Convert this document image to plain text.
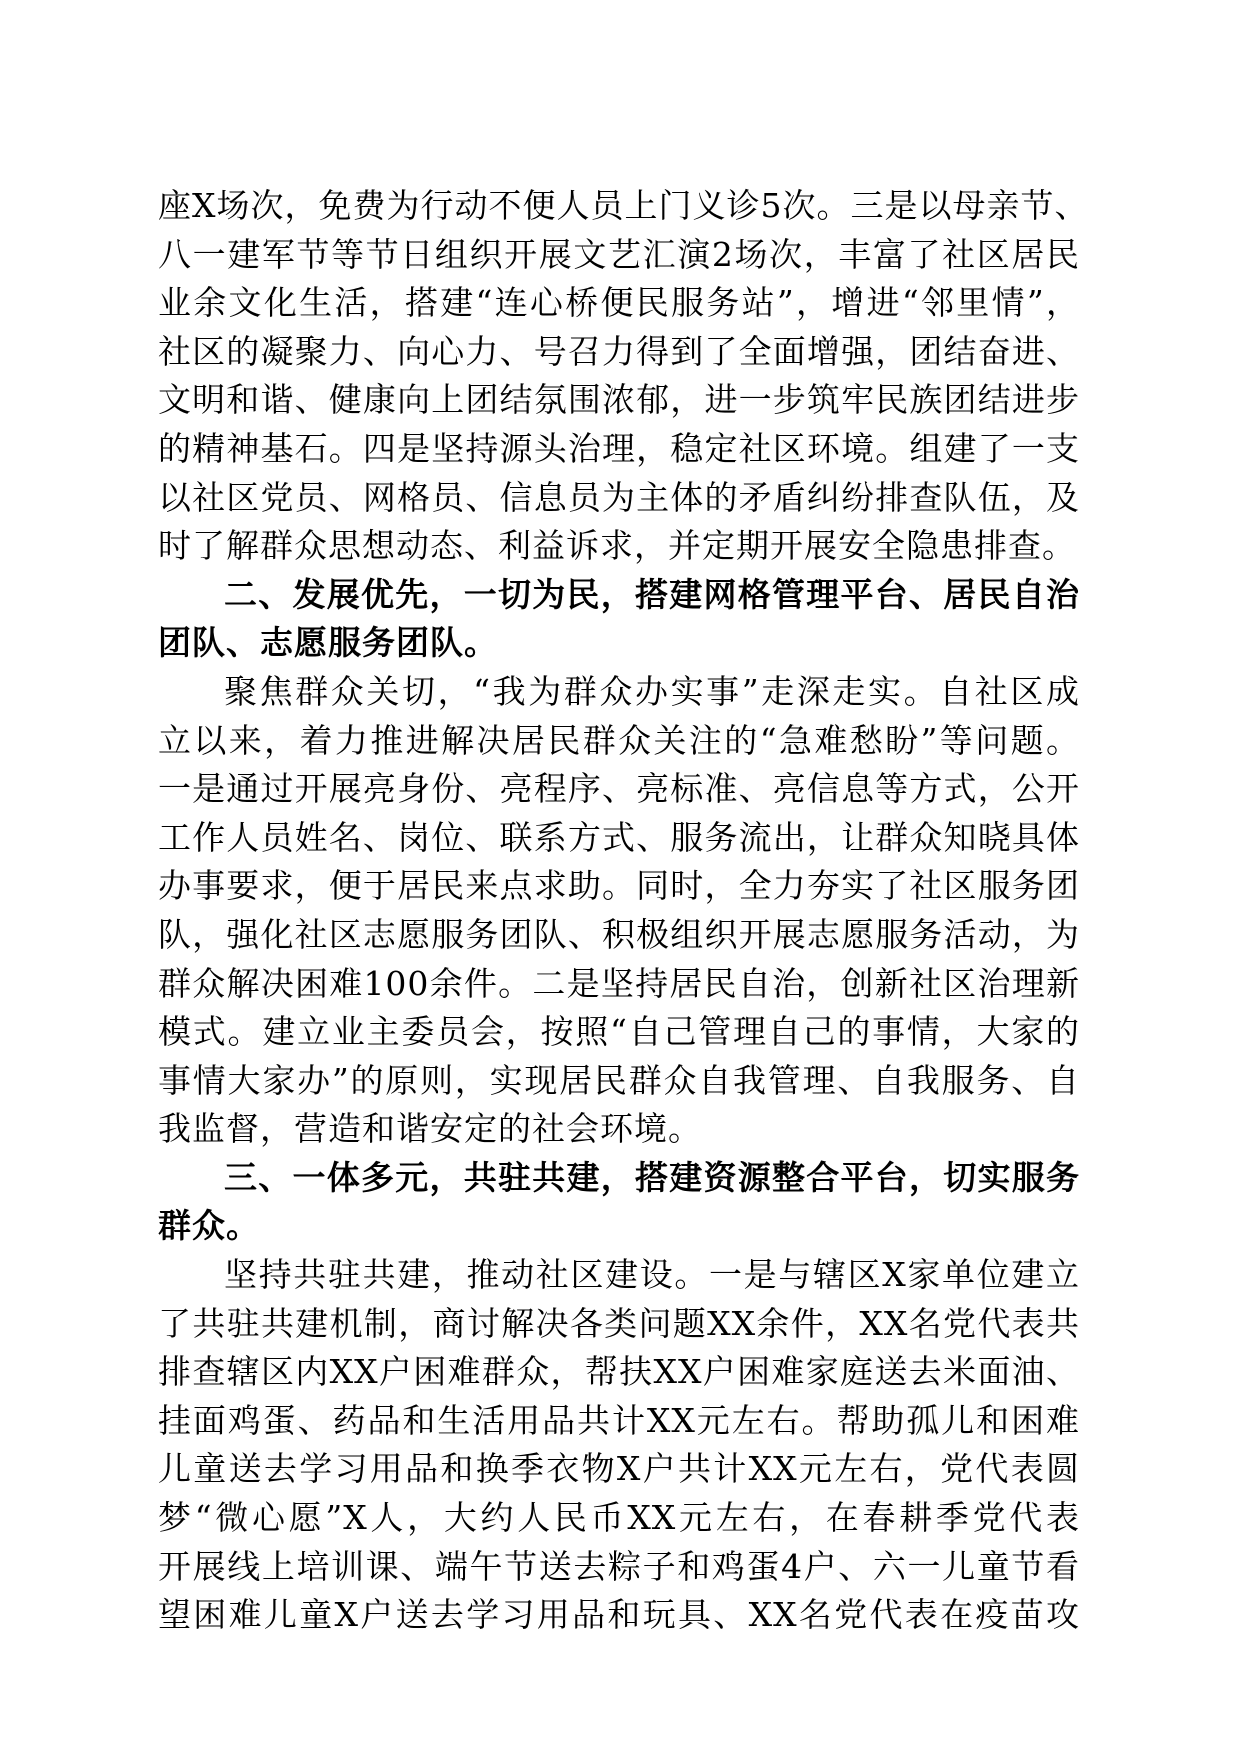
座X场次，免费为行动不便人员上门义诊5次。三是以母亲节、
八一建军节等节日组织开展文艺汇演2场次，丰富了社区居民
业余文化生活，搭建“连心桥便民服务站”，增进“邻里情”，
社区的凝聚力、向心力、号召力得到了全面增强，团结奋进、
文明和谐、健康向上团结氛围浓郁，进一步筑牢民族团结进步
的精神基石。四是坚持源头治理，稳定社区环境。组建了一支
以社区党员、网格员、信息员为主体的矛盾纠纷排查队伍，及
时了解群众思想动态、利益诉求，并定期开展安全隐患排查。
二、发展优先，一切为民，搭建网格管理平台、居民自治
团队、志愿服务团队。
聚焦群众关切，“我为群众办实事”走深走实。自社区成
立以来，着力推进解决居民群众关注的“急难愁盼”等问题。
一是通过开展亮身份、亮程序、亮标准、亮信息等方式，公开
工作人员姓名、岗位、联系方式、服务流出，让群众知晓具体
办事要求，便于居民来点求助。同时，全力夯实了社区服务团
队，强化社区志愿服务团队、积极组织开展志愿服务活动，为
群众解决困难100余件。二是坚持居民自治，创新社区治理新
模式。建立业主委员会，按照“自己管理自己的事情，大家的
事情大家办”的原则，实现居民群众自我管理、自我服务、自
我监督，营造和谐安定的社会环境。
三、一体多元，共驻共建，搭建资源整合平台，切实服务
群众。
坚持共驻共建，推动社区建设。一是与辖区X家单位建立
了共驻共建机制，商讨解决各类问题XX余件，XX名党代表共
排查辖区内XX户困难群众，帮扶XX户困难家庭送去米面油、
挂面鸡蛋、药品和生活用品共计XX元左右。帮助孤儿和困难
儿童送去学习用品和换季衣物X户共计XX元左右，党代表圆
梦“微心愿”X人，大约人民币XX元左右，在春耕季党代表
开展线上培训课、端午节送去粽子和鸡蛋4户、六一儿童节看
望困难儿童X户送去学习用品和玩具、XX名党代表在疫苗攻
